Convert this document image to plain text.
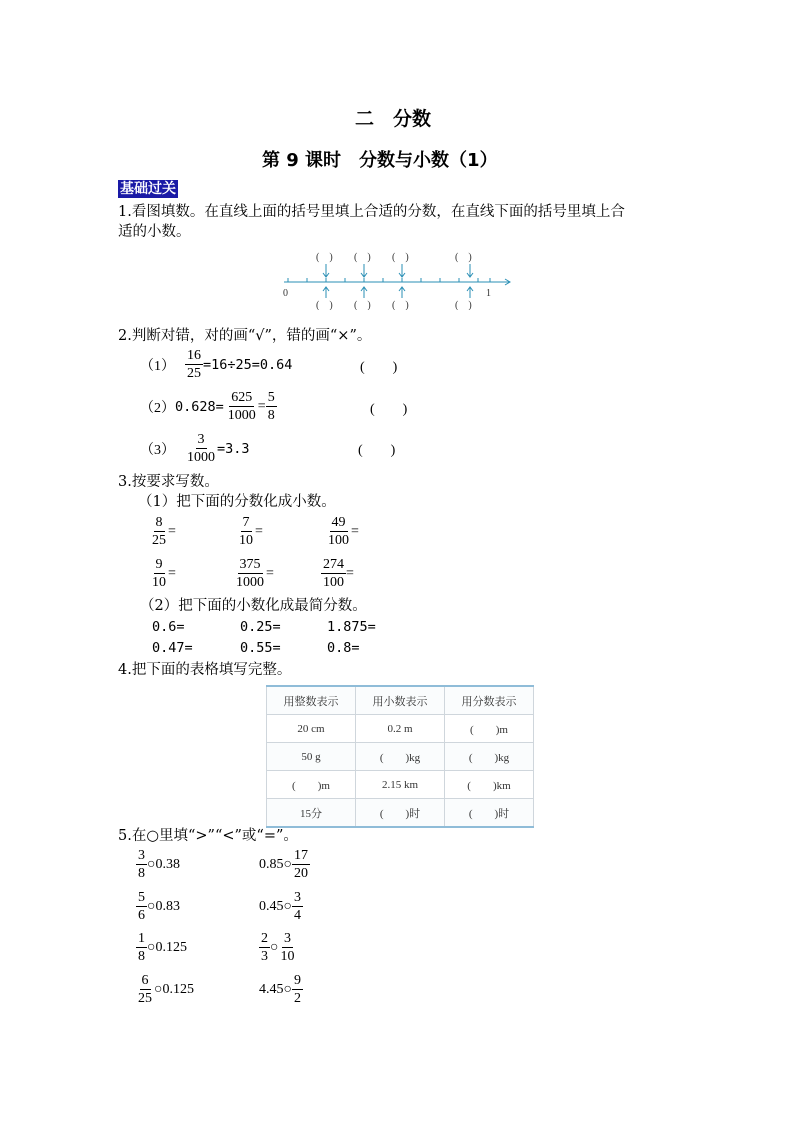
二　分数
第 9 课时　分数与小数（1）
基础过关
1.看图填数。在直线上面的括号里填上合适的分数，在直线下面的括号里填上合
适的小数。
(　) (　) (　)	(　)
(　) (　) (　)	(　)
0	1
2.判断对错，对的画“√”，错的画“×”。
$(1) \frac{16}{25} =16\div 25=0.64$	(　　)
（2） $0.628= \frac{625}{1000} = \frac{5}{8}$	(　　)
$(3) \frac{3}{1000} =3.3$	(　　)
3.按要求写数。
（1）把下面的分数化成小数。
$\frac{8}{25}$ =	$\frac{7}{10}$ =	$\frac{49}{100}$ =
$\frac{9}{10}$ =	$\frac{375}{1000}$ =	$\frac{274}{100}$ =
（2）把下面的小数化成最简分数。
0.6=	0.25=	1.875=
0.47=	0.55=	0.8=
4.把下面的表格填写完整。
用整数表示	用小数表示	用分数表示
20 cm	0.2 m	(　　)m
50 g	(　　)kg	(　　)kg
(　　)m	2.15 km	(　　)km
15分	(　　)时	(　　)时
5.在○里填“>”“<”或“=”。
$\frac{3}{8}$ ○ 0.38	0.85 ○ $\frac{17}{20}$
$\frac{5}{6}$ ○ 0.83	0.45 ○ $\frac{3}{4}$
$\frac{1}{8}$ ○ 0.125	$\frac{2}{3}$ ○ $\frac{3}{10}$
$\frac{6}{25}$ ○ 0.125	4.45 ○ $\frac{9}{2}$
